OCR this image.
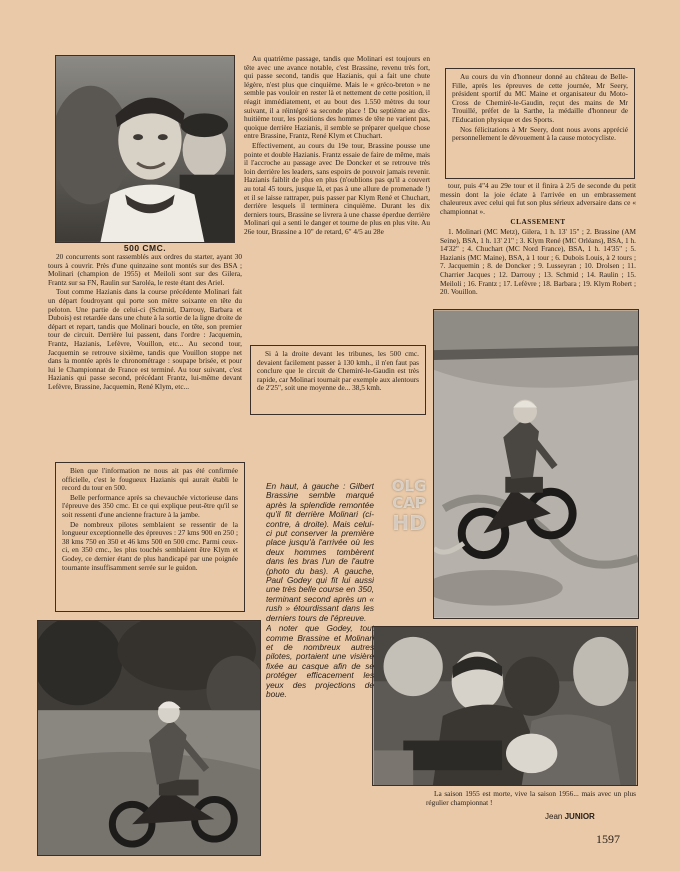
500 CMC.

20 concurrents sont rassemblés aux ordres du starter, ayant 30 tours à couvrir. Près d'une quinzaine sont montés sur des BSA ; Molinari (champion de 1955) et Meiloli sont sur des Gilera, Frantz sur sa FN, Raulin sur Saroléa, le reste étant des Ariel.

Tout comme Hazianis dans la course précédente Molinari fait un départ foudroyant qui porte son mètre soixante en tête du peloton. Une partie de celui-ci (Schmid, Darrouy, Barbara et Dubois) est retardée dans une chute à la sortie de la ligne droite de départ et repart, tandis que Molinari boucle, en tête, son premier tour de circuit. Derrière lui passent, dans l'ordre : Jacquemin, Frantz, Hazianis, Lefèvre, Vouillon, etc... Au second tour, Jacquemin se retrouve sixième, tandis que Vouillon stoppe net dans la montée après le chronométrage : soupape brisée, et pour lui le Championnat de France est terminé. Au tour suivant, c'est Hazianis qui passe second, précédant Frantz, lui-même devant Lefèvre, Brassine, Jacquemin, René Klym, etc...

Bien que l'information ne nous ait pas été confirmée officielle, c'est le fougueux Hazianis qui aurait établi le record du tour en 500.

Belle performance après sa chevauchée victorieuse dans l'épreuve des 350 cmc. Et ce qui explique peut-être qu'il se soit ressenti d'une ancienne fracture à la jambe.

De nombreux pilotes semblaient se ressentir de la longueur exceptionnelle des épreuves : 27 kms 900 en 250 ; 38 kms 750 en 350 et 46 kms 500 en 500 cmc. Parmi ceux-ci, en 350 cmc., les plus touchés semblaient être Klym et Godey, ce dernier étant de plus handicapé par une poignée tournante insuffisamment serrée sur le guidon.

Au quatrième passage, tandis que Molinari est toujours en tête avec une avance notable, c'est Brassine, revenu très fort, qui passe second, tandis que Hazianis, qui a fait une chute légère, n'est plus que cinquième. Mais le « gréco-breton » ne semble pas vouloir en rester là et nettement de cette position, il réagit immédiatement, et au bout des 1.550 mètres du tour suivant, il a réintégré sa seconde place ! Du septième au dix-huitième tour, les positions des hommes de tête ne varient pas, quoique derrière Hazianis, il semble se préparer quelque chose entre Brassine, Frantz, René Klym et Chuchart.

Effectivement, au cours du 19e tour, Brassine pousse une pointe et double Hazianis. Frantz essaie de faire de même, mais il l'accroche au passage avec De Doncker et se retrouve très loin derrière les leaders, sans espoirs de pouvoir jamais revenir. Hazianis faiblit de plus en plus (n'oublions pas qu'il a couvert au total 45 tours, jusque là, et pas à une allure de promenade !) et il se laisse rattraper, puis passer par Klym René et Chuchart, derrière lesquels il terminera cinquième. Durant les dix derniers tours, Brassine se livrera à une chasse éperdue derrière Molinari qui a senti le danger et tourne de plus en plus vite. Au 26e tour, Brassine a 10" de retard, 6" 4/5 au 28e

Si à la droite devant les tribunes, les 500 cmc. devaient facilement passer à 130 kmh., il n'en faut pas conclure que le circuit de Chemiré-le-Gaudin est très rapide, car Molinari tournait par exemple aux alentours de 2'25", soit une moyenne de... 38,5 kmh.

En haut, à gauche : Gilbert Brassine semble marqué après la splendide remontée qu'il fit derrière Molinari (ci-contre, à droite). Mais celui-ci put conserver la première place jusqu'à l'arrivée où les deux hommes tombèrent dans les bras l'un de l'autre (photo du bas). A gauche, Paul Godey qui fit lui aussi une très belle course en 350, terminant second après un « rush » étourdissant dans les derniers tours de l'épreuve.

A noter que Godey, tout comme Brassine et Molinari et de nombreux autres pilotes, portaient une visière fixée au casque afin de se protéger efficacement les yeux des projections de boue.

Au cours du vin d'honneur donné au château de Belle-Fille, après les épreuves de cette journée, Mr Seery, président sportif du MC Maine et organisateur du Moto-Cross de Chemiré-le-Gaudin, reçut des mains de Mr Trouillé, préfet de la Sarthe, la médaille d'honneur de l'Education physique et des Sports.

Nos félicitations à Mr Seery, dont nous avons apprécié personnellement le dévouement à la cause motocycliste.

tour, puis 4"4 au 29e tour et il finira à 2/5 de seconde du petit messin dont la joie éclate à l'arrivée en un embrassement chaleureux avec celui qui fut son plus sérieux adversaire dans ce « championnat ».

CLASSEMENT

1. Molinari (MC Metz), Gilera, 1 h. 13' 15" ; 2. Brassine (AM Seine), BSA, 1 h. 13' 21" ; 3. Klym René (MC Orléans), BSA, 1 h. 14'32" ; 4. Chuchart (MC Nord France), BSA, 1 h. 14'35" ; 5. Hazianis (MC Maine), BSA, à 1 tour ; 6. Dubois Louis, à 2 tours ; 7. Jacquemin ; 8. de Doncker ; 9. Lusseyran ; 10. Drolsen ; 11. Charrier Jacques ; 12. Darrouy ; 13. Schmid ; 14. Raulin ; 15. Meiloli ; 16. Frantz ; 17. Lefèvre ; 18. Barbara ; 19. Klym Robert ; 20. Vouillon.

La saison 1955 est morte, vive la saison 1956... mais avec un plus régulier championnat !

Jean JUNIOR
1597
OLG
CAP
HD
